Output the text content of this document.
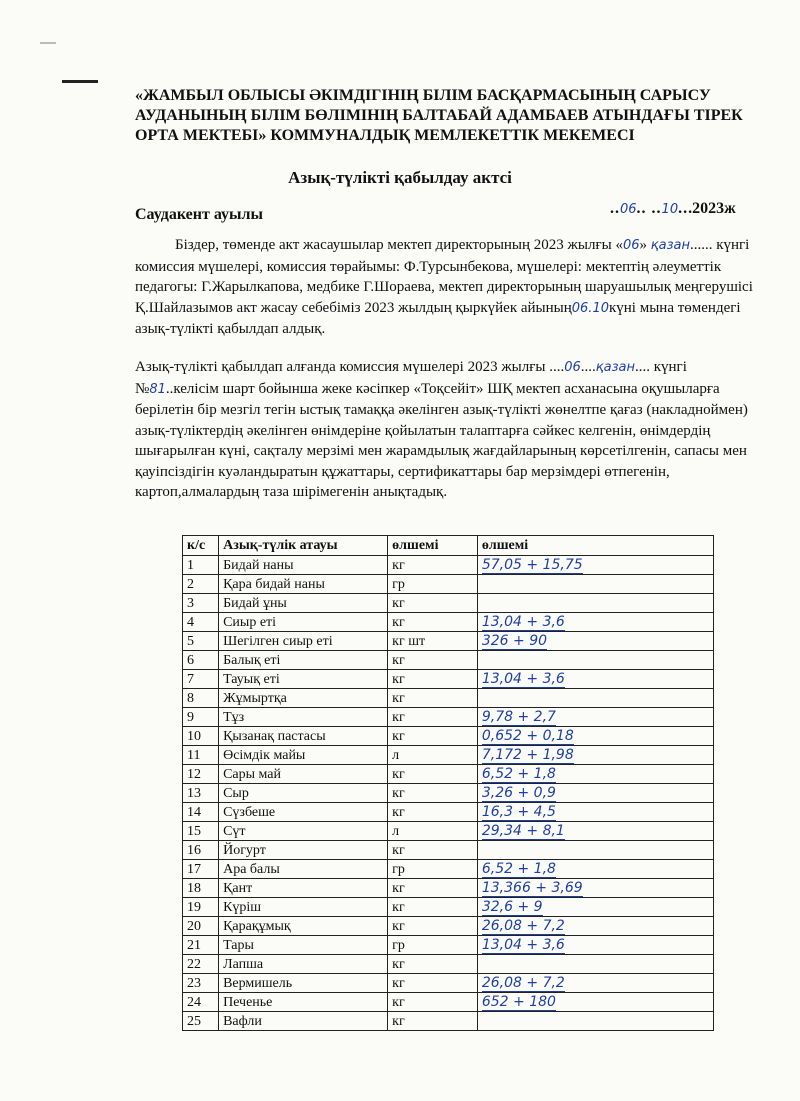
«ЖАМБЫЛ ОБЛЫСЫ ӘКІМДІГІНІҢ БІЛІМ БАСҚАРМАСЫНЫҢ САРЫСУ АУДАНЫНЫҢ БІЛІМ БӨЛІМІНІҢ БАЛТАБАЙ АДАМБАЕВ АТЫНДАҒЫ ТІРЕК ОРТА МЕКТЕБІ» КОММУНАЛДЫҚ МЕМЛЕКЕТТІК МЕКЕМЕСІ
Азық-түлікті қабылдау актсі
Саудакент ауылы	..06.. ..10...2023ж

Біздер, төменде акт жасаушылар мектеп директорының 2023 жылғы «06» қазан...... күнгі комиссия мүшелері, комиссия төрайымы: Ф.Турсынбекова, мүшелері: мектептің әлеуметтік педагогы: Г.Жарылкапова, медбике Г.Шораева, мектеп директорының шаруашылық меңгерушісі Қ.Шайлазымов акт жасау себебіміз 2023 жылдың қыркүйек айының06.10күні мына төмендегі азық-түлікті қабылдап алдық.

Азық-түлікті қабылдап алғанда комиссия мүшелері 2023 жылғы ....06....қазан.... күнгі №81..келісім шарт бойынша жеке кәсіпкер «Тоқсейіт» ШҚ мектеп асханасына оқушыларға берілетін бір мезгіл тегін ыстық тамаққа әкелінген азық-түлікті жөнелтпе қағаз (накладноймен) азық-түліктердің әкелінген өнімдеріне қойылатын талаптарға сәйкес келгенін, өнімдердің шығарылған күні, сақталу мерзімі мен жарамдылық жағдайларының көрсетілгенін, сапасы мен қауіпсіздігін куәландыратын құжаттары, сертификаттары бар мерзімдері өтпегенін, картоп,алмалардың таза шірімегенін анықтадық.

к/с	Азық-түлік атауы	өлшемі	өлшемі
1	Бидай наны	кг	57,05 + 15,75
2	Қара бидай наны	гр	
3	Бидай ұны	кг	
4	Сиыр еті	кг	13,04 + 3,6
5	Шегілген сиыр еті	кг шт	326 + 90
6	Балық еті	кг	
7	Тауық еті	кг	13,04 + 3,6
8	Жұмыртқа	кг	
9	Тұз	кг	9,78 + 2,7
10	Қызанақ пастасы	кг	0,652 + 0,18
11	Өсімдік майы	л	7,172 + 1,98
12	Сары май	кг	6,52 + 1,8
13	Сыр	кг	3,26 + 0,9
14	Сүзбеше	кг	16,3 + 4,5
15	Сүт	л	29,34 + 8,1
16	Йогурт	кг	
17	Ара балы	гр	6,52 + 1,8
18	Қант	кг	13,366 + 3,69
19	Күріш	кг	32,6 + 9
20	Қарақұмық	кг	26,08 + 7,2
21	Тары	гр	13,04 + 3,6
22	Лапша	кг	
23	Вермишель	кг	26,08 + 7,2
24	Печенье	кг	652 + 180
25	Вафли	кг	
